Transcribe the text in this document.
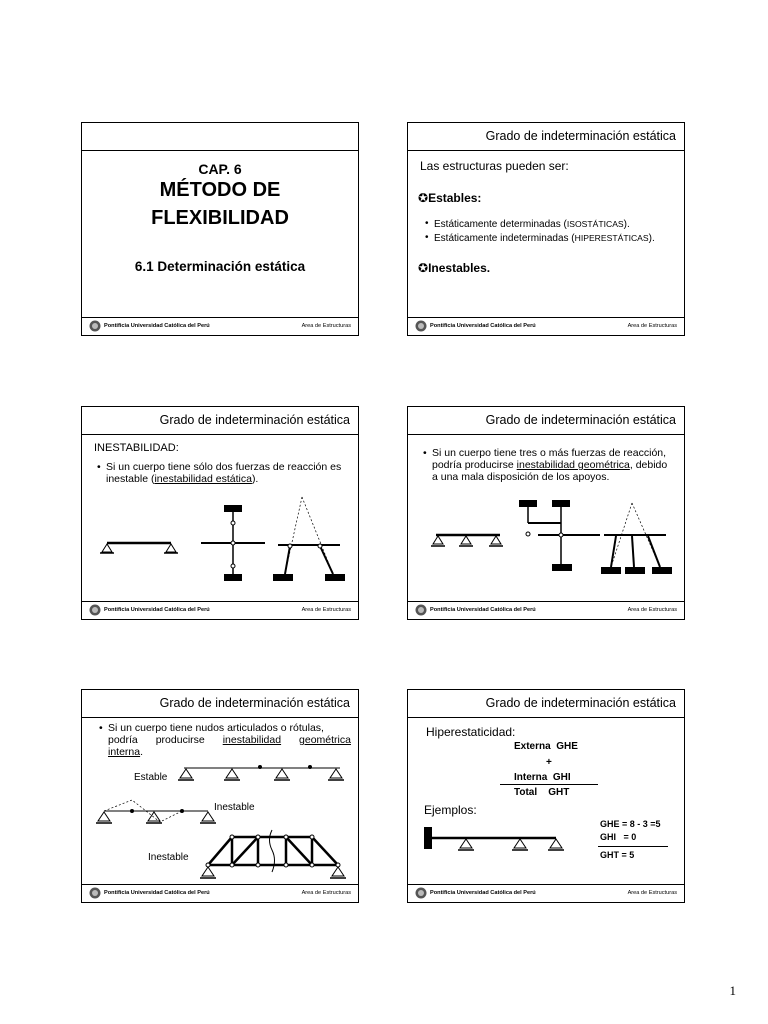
CAP. 6
MÉTODO DE
FLEXIBILIDAD
6.1 Determinación estática
Pontificia Universidad Católica del Perú	Area de Estructuras
Grado de indeterminación estática
Las estructuras pueden ser:
✪Estables:
• Estáticamente determinadas (ISOSTÁTICAS).
• Estáticamente indeterminadas (HIPERESTÁTICAS).
✪Inestables.
Pontificia Universidad Católica del Perú	Area de Estructuras
Grado de indeterminación estática
INESTABILIDAD:
• Si un cuerpo tiene sólo dos fuerzas de reacción es
inestable (inestabilidad estática).
Pontificia Universidad Católica del Perú	Area de Estructuras
Grado de indeterminación estática
• Si un cuerpo tiene tres o más fuerzas de reacción,
podría producirse inestabilidad geométrica, debido
a una mala disposición de los apoyos.
Pontificia Universidad Católica del Perú	Area de Estructuras
Grado de indeterminación estática
• Si un cuerpo tiene nudos articulados o rótulas,

podría producirse inestabilidad geométrica
interna.
Estable
Inestable
Inestable
Pontificia Universidad Católica del Perú	Area de Estructuras
Grado de indeterminación estática
Hiperestaticidad:
Externa GHE
+
Interna GHI
Total GHT
Ejemplos:
GHE = 8 - 3 =5
GHI   = 0
GHT = 5
Pontificia Universidad Católica del Perú	Area de Estructuras
1
